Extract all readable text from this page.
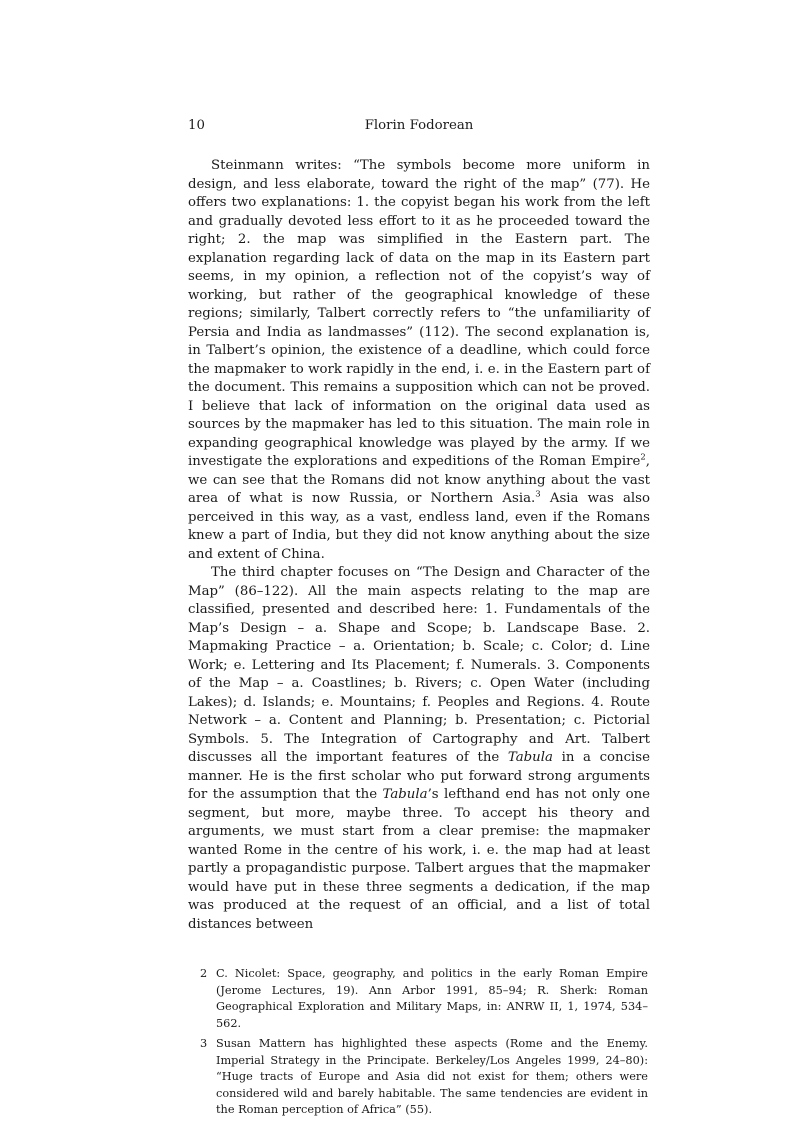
10	Florin Fodorean

Steinmann writes: “The symbols become more uniform in design, and less elaborate, toward the right of the map” (77). He offers two explanations: 1. the copyist began his work from the left and gradually devoted less effort to it as he proceeded toward the right; 2. the map was simplified in the Eastern part. The explanation regarding lack of data on the map in its Eastern part seems, in my opinion, a reflection not of the copyist’s way of working, but rather of the geographical knowledge of these regions; similarly, Talbert correctly refers to “the unfamiliarity of Persia and India as landmasses” (112). The second explanation is, in Talbert’s opinion, the existence of a deadline, which could force the mapmaker to work rapidly in the end, i. e. in the Eastern part of the document. This remains a supposition which can not be proved. I believe that lack of information on the original data used as sources by the mapmaker has led to this situation. The main role in expanding geographical knowledge was played by the army. If we investigate the explorations and expeditions of the Roman Empire$^2$, we can see that the Romans did not know anything about the vast area of what is now Russia, or Northern Asia.$^3$ Asia was also perceived in this way, as a vast, endless land, even if the Romans knew a part of India, but they did not know anything about the size and extent of China.

The third chapter focuses on “The Design and Character of the Map” (86–122). All the main aspects relating to the map are classified, presented and described here: 1. Fundamentals of the Map’s Design – a. Shape and Scope; b. Landscape Base. 2. Mapmaking Practice – a. Orientation; b. Scale; c. Color; d. Line Work; e. Lettering and Its Placement; f. Numerals. 3. Components of the Map – a. Coastlines; b. Rivers; c. Open Water (including Lakes); d. Islands; e. Mountains; f. Peoples and Regions. 4. Route Network – a. Content and Planning; b. Presentation; c. Pictorial Symbols. 5. The Integration of Cartography and Art. Talbert discusses all the important features of the Tabula in a concise manner. He is the first scholar who put forward strong arguments for the assumption that the Tabula’s lefthand end has not only one segment, but more, maybe three. To accept his theory and arguments, we must start from a clear premise: the mapmaker wanted Rome in the centre of his work, i. e. the map had at least partly a propagandistic purpose. Talbert argues that the mapmaker would have put in these three segments a dedication, if the map was produced at the request of an official, and a list of total distances between

2 C. Nicolet: Space, geography, and politics in the early Roman Empire (Jerome Lectures, 19). Ann Arbor 1991, 85–94; R. Sherk: Roman Geographical Exploration and Military Maps, in: ANRW II, 1, 1974, 534–562.
3 Susan Mattern has highlighted these aspects (Rome and the Enemy. Imperial Strategy in the Principate. Berkeley/Los Angeles 1999, 24–80): “Huge tracts of Europe and Asia did not exist for them; others were considered wild and barely habitable. The same tendencies are evident in the Roman perception of Africa” (55).
